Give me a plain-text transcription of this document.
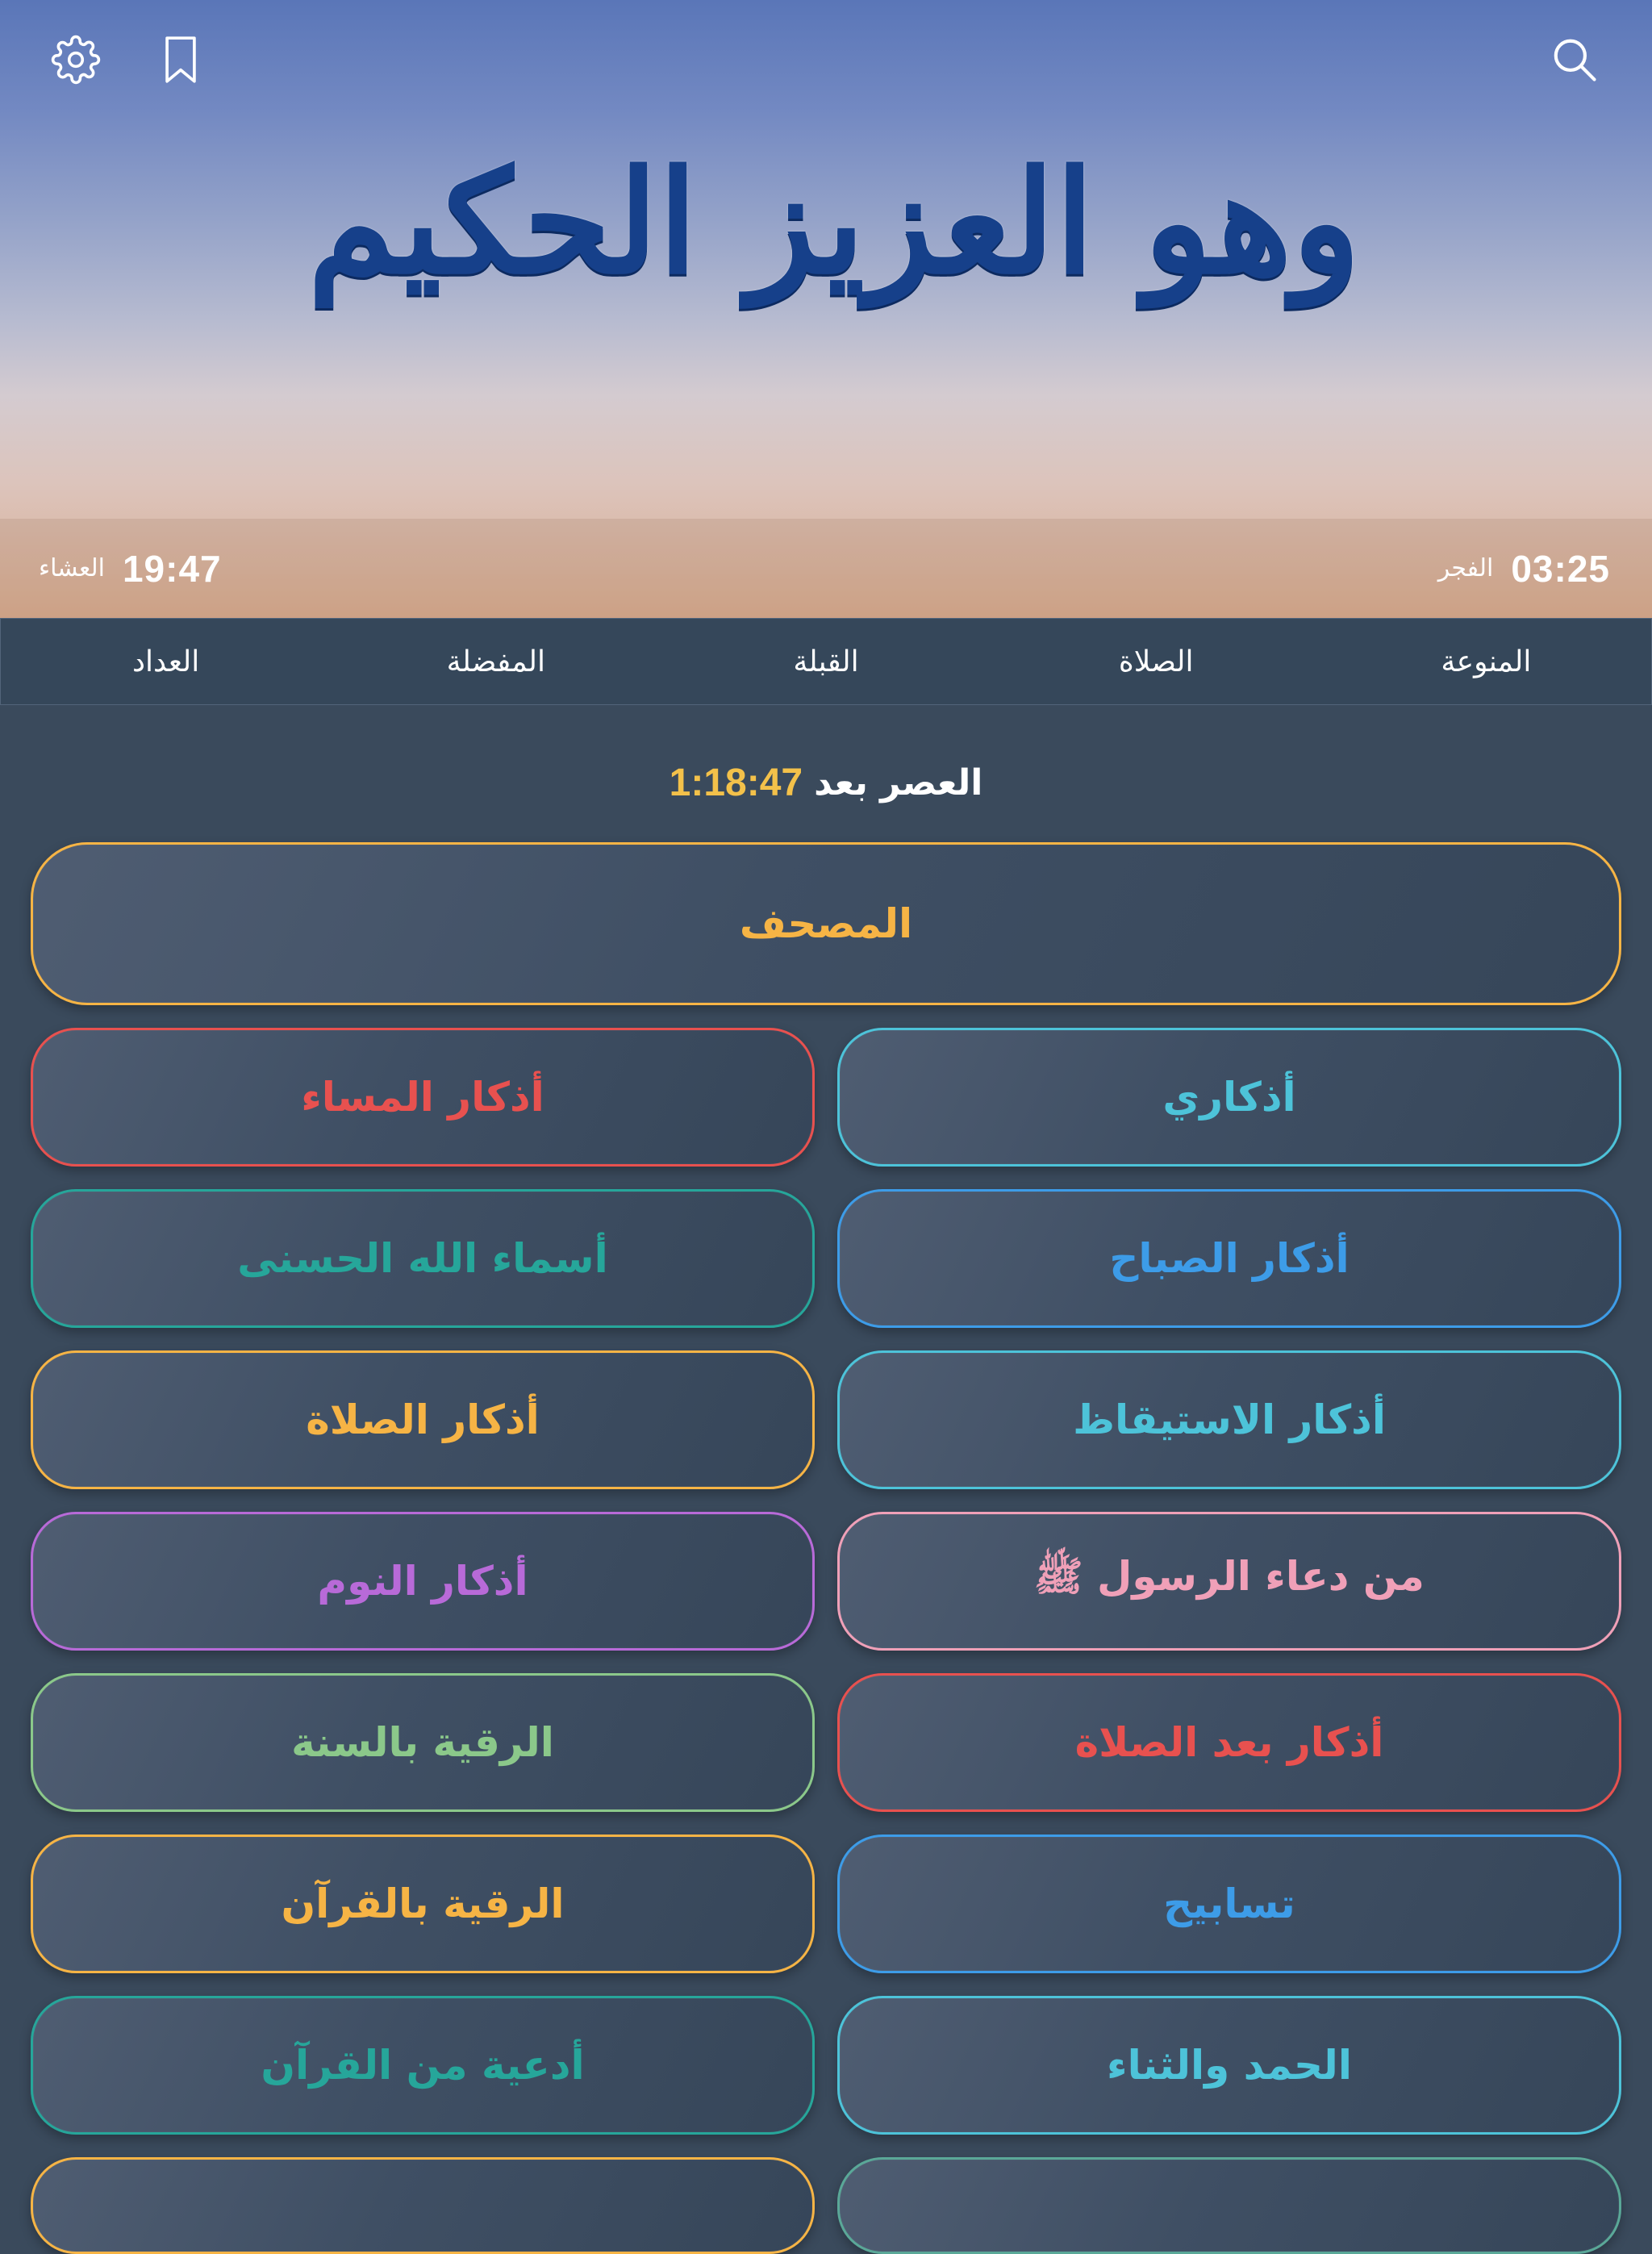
وهو العزيز الحكيم
الفجر 03:25
العشاء 19:47
المنوعة
الصلاة
القبلة
المفضلة
العداد
العصر بعد
1:18:47
المصحف
أذكاري
أذكار المساء
أذكار الصباح
أسماء الله الحسنى
أذكار الاستيقاظ
أذكار الصلاة
من دعاء الرسول ﷺ
أذكار النوم
أذكار بعد الصلاة
الرقية بالسنة
تسابيح
الرقية بالقرآن
الحمد والثناء
أدعية من القرآن
